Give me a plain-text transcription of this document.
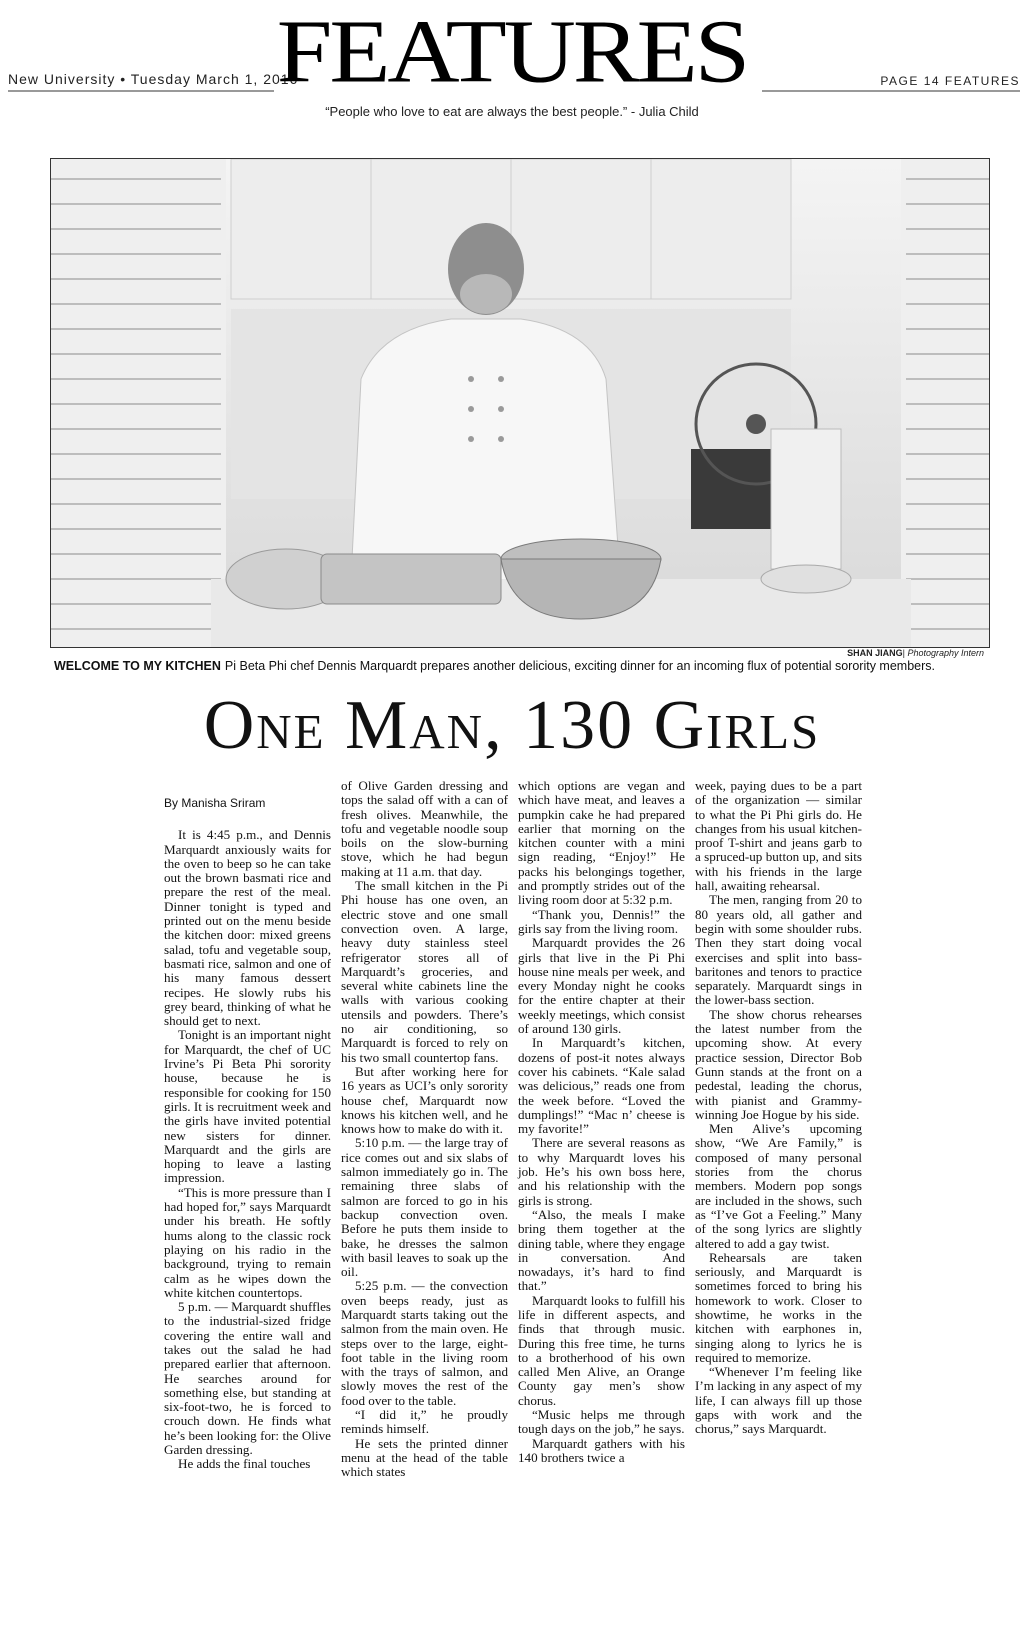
New University • Tuesday March 1, 2016
FEATURES	PAGE 14 FEATURES
“People who love to eat are always the best people.” - Julia Child
SHAN JIANG| Photography Intern
WELCOME TO MY KITCHEN Pi Beta Phi chef Dennis Marquardt prepares another delicious, exciting dinner for an incoming flux of potential sorority members.
One Man, 130 Girls

By Manisha Sriram

It is 4:45 p.m., and Dennis Marquardt anxiously waits for the oven to beep so he can take out the brown basmati rice and prepare the rest of the meal. Dinner tonight is typed and printed out on the menu beside the kitchen door: mixed greens salad, tofu and vegetable soup, basmati rice, salmon and one of his many famous dessert recipes. He slowly rubs his grey beard, thinking of what he should get to next.

Tonight is an important night for Marquardt, the chef of UC Irvine’s Pi Beta Phi sorority house, because he is responsible for cooking for 150 girls. It is recruitment week and the girls have invited potential new sisters for dinner. Marquardt and the girls are hoping to leave a lasting impression.

“This is more pressure than I had hoped for,” says Marquardt under his breath. He softly hums along to the classic rock playing on his radio in the background, trying to remain calm as he wipes down the white kitchen countertops.

5 p.m. — Marquardt shuffles to the industrial-sized fridge covering the entire wall and takes out the salad he had prepared earlier that afternoon. He searches around for something else, but standing at six-foot-two, he is forced to crouch down. He finds what he’s been looking for: the Olive Garden dressing.

He adds the final touches

of Olive Garden dressing and tops the salad off with a can of fresh olives. Meanwhile, the tofu and vegetable noodle soup boils on the slow-burning stove, which he had begun making at 11 a.m. that day.

The small kitchen in the Pi Phi house has one oven, an electric stove and one small convection oven. A large, heavy duty stainless steel refrigerator stores all of Marquardt’s groceries, and several white cabinets line the walls with various cooking utensils and powders. There’s no air conditioning, so Marquardt is forced to rely on his two small countertop fans.

But after working here for 16 years as UCI’s only sorority house chef, Marquardt now knows his kitchen well, and he knows how to make do with it.

5:10 p.m. — the large tray of rice comes out and six slabs of salmon immediately go in. The remaining three slabs of salmon are forced to go in his backup convection oven. Before he puts them inside to bake, he dresses the salmon with basil leaves to soak up the oil.

5:25 p.m. — the convection oven beeps ready, just as Marquardt starts taking out the salmon from the main oven. He steps over to the large, eight-foot table in the living room with the trays of salmon, and slowly moves the rest of the food over to the table.

“I did it,” he proudly reminds himself.

He sets the printed dinner menu at the head of the table which states

which options are vegan and which have meat, and leaves a pumpkin cake he had prepared earlier that morning on the kitchen counter with a mini sign reading, “Enjoy!” He packs his belongings together, and promptly strides out of the living room door at 5:32 p.m.

“Thank you, Dennis!” the girls say from the living room.

Marquardt provides the 26 girls that live in the Pi Phi house nine meals per week, and every Monday night he cooks for the entire chapter at their weekly meetings, which consist of around 130 girls.

In Marquardt’s kitchen, dozens of post-it notes always cover his cabinets. “Kale salad was delicious,” reads one from the week before. “Loved the dumplings!” “Mac n’ cheese is my favorite!”

There are several reasons as to why Marquardt loves his job. He’s his own boss here, and his relationship with the girls is strong.

“Also, the meals I make bring them together at the dining table, where they engage in conversation. And nowadays, it’s hard to find that.”

Marquardt looks to fulfill his life in different aspects, and finds that through music. During this free time, he turns to a brotherhood of his own called Men Alive, an Orange County gay men’s show chorus.

“Music helps me through tough days on the job,” he says.

Marquardt gathers with his 140 brothers twice a

week, paying dues to be a part of the organization — similar to what the Pi Phi girls do. He changes from his usual kitchen-proof T-shirt and jeans garb to a spruced-up button up, and sits with his friends in the large hall, awaiting rehearsal.

The men, ranging from 20 to 80 years old, all gather and begin with some shoulder rubs. Then they start doing vocal exercises and split into bass-baritones and tenors to practice separately. Marquardt sings in the lower-bass section.

The show chorus rehearses the latest number from the upcoming show. At every practice session, Director Bob Gunn stands at the front on a pedestal, leading the chorus, with pianist and Grammy-winning Joe Hogue by his side.

Men Alive’s upcoming show, “We Are Family,” is composed of many personal stories from the chorus members. Modern pop songs are included in the shows, such as “I’ve Got a Feeling.” Many of the song lyrics are slightly altered to add a gay twist.

Rehearsals are taken seriously, and Marquardt is sometimes forced to bring his homework to work. Closer to showtime, he works in the kitchen with earphones in, singing along to lyrics he is required to memorize.

“Whenever I’m feeling like I’m lacking in any aspect of my life, I can always fill up those gaps with work and the chorus,” says Marquardt.
